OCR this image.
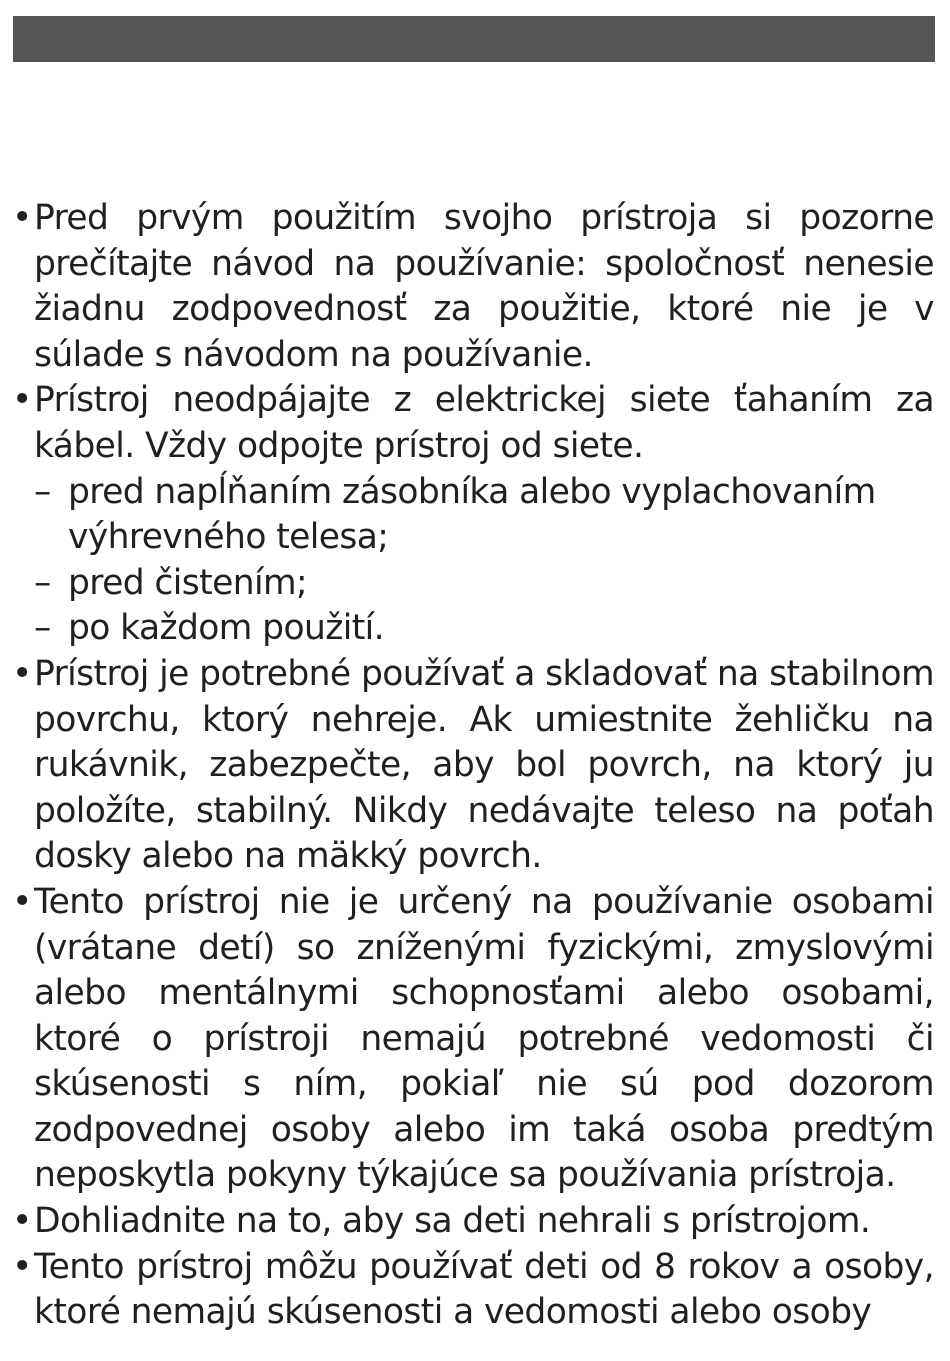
• Pred prvým použitím svojho prístroja si pozorne prečítajte návod na používanie: spoločnosť nenesie žiadnu zodpovednosť za použitie, ktoré nie je v súlade s návodom na používanie.
• Prístroj neodpájajte z elektrickej siete ťahaním za kábel. Vždy odpojte prístroj od siete.
– pred napĺňaním zásobníka alebo vyplachovaním výhrevného telesa;
– pred čistením;
– po každom použití.
• Prístroj je potrebné používať a skladovať na stabilnom povrchu, ktorý nehreje. Ak umiestnite žehličku na rukávnik, zabezpečte, aby bol povrch, na ktorý ju položíte, stabilný. Nikdy nedávajte teleso na poťah dosky alebo na mäkký povrch.
• Tento prístroj nie je určený na používanie osobami (vrátane detí) so zníženými fyzickými, zmyslovými alebo mentálnymi schopnosťami alebo osobami, ktoré o prístroji nemajú potrebné vedomosti či skúsenosti s ním, pokiaľ nie sú pod dozorom zodpovednej osoby alebo im taká osoba predtým neposkytla pokyny týkajúce sa používania prístroja.
• Dohliadnite na to, aby sa deti nehrali s prístrojom.
• Tento prístroj môžu používať deti od 8 rokov a osoby, ktoré nemajú skúsenosti a vedomosti alebo osoby
